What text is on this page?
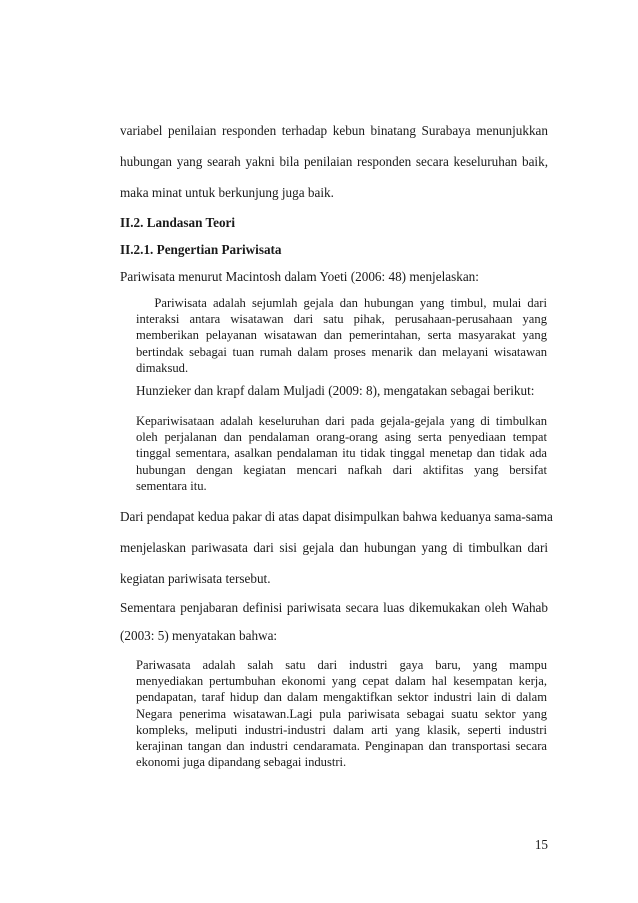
variabel penilaian responden terhadap kebun binatang Surabaya menunjukkan
hubungan yang searah yakni bila penilaian responden secara keseluruhan baik,
maka minat untuk berkunjung juga baik.
II.2. Landasan Teori
II.2.1. Pengertian Pariwisata
Pariwisata menurut Macintosh dalam Yoeti (2006: 48) menjelaskan:
Pariwisata adalah sejumlah gejala dan hubungan yang timbul, mulai dari
interaksi antara wisatawan dari satu pihak, perusahaan-perusahaan yang
memberikan pelayanan wisatawan dan pemerintahan, serta masyarakat yang
bertindak sebagai tuan rumah dalam proses menarik dan melayani wisatawan
dimaksud.
Hunzieker dan krapf dalam Muljadi (2009: 8), mengatakan sebagai berikut:
Kepariwisataan adalah keseluruhan dari pada gejala-gejala yang di timbulkan
oleh perjalanan dan pendalaman orang-orang asing serta penyediaan tempat
tinggal sementara, asalkan pendalaman itu tidak tinggal menetap dan tidak ada
hubungan dengan kegiatan mencari nafkah dari aktifitas yang bersifat
sementara itu.
Dari pendapat kedua pakar di atas dapat disimpulkan bahwa keduanya sama-sama
menjelaskan pariwasata dari sisi gejala dan hubungan yang di timbulkan dari
kegiatan pariwisata tersebut.
Sementara penjabaran definisi pariwisata secara luas dikemukakan oleh Wahab
(2003: 5) menyatakan bahwa:
Pariwasata adalah salah satu dari industri gaya baru, yang mampu
menyediakan pertumbuhan ekonomi yang cepat dalam hal kesempatan kerja,
pendapatan, taraf hidup dan dalam mengaktifkan sektor industri lain di dalam
Negara penerima wisatawan.Lagi pula pariwisata sebagai suatu sektor yang
kompleks, meliputi industri-industri dalam arti yang klasik, seperti industri
kerajinan tangan dan industri cendaramata. Penginapan dan transportasi secara
ekonomi juga dipandang sebagai industri.
15
